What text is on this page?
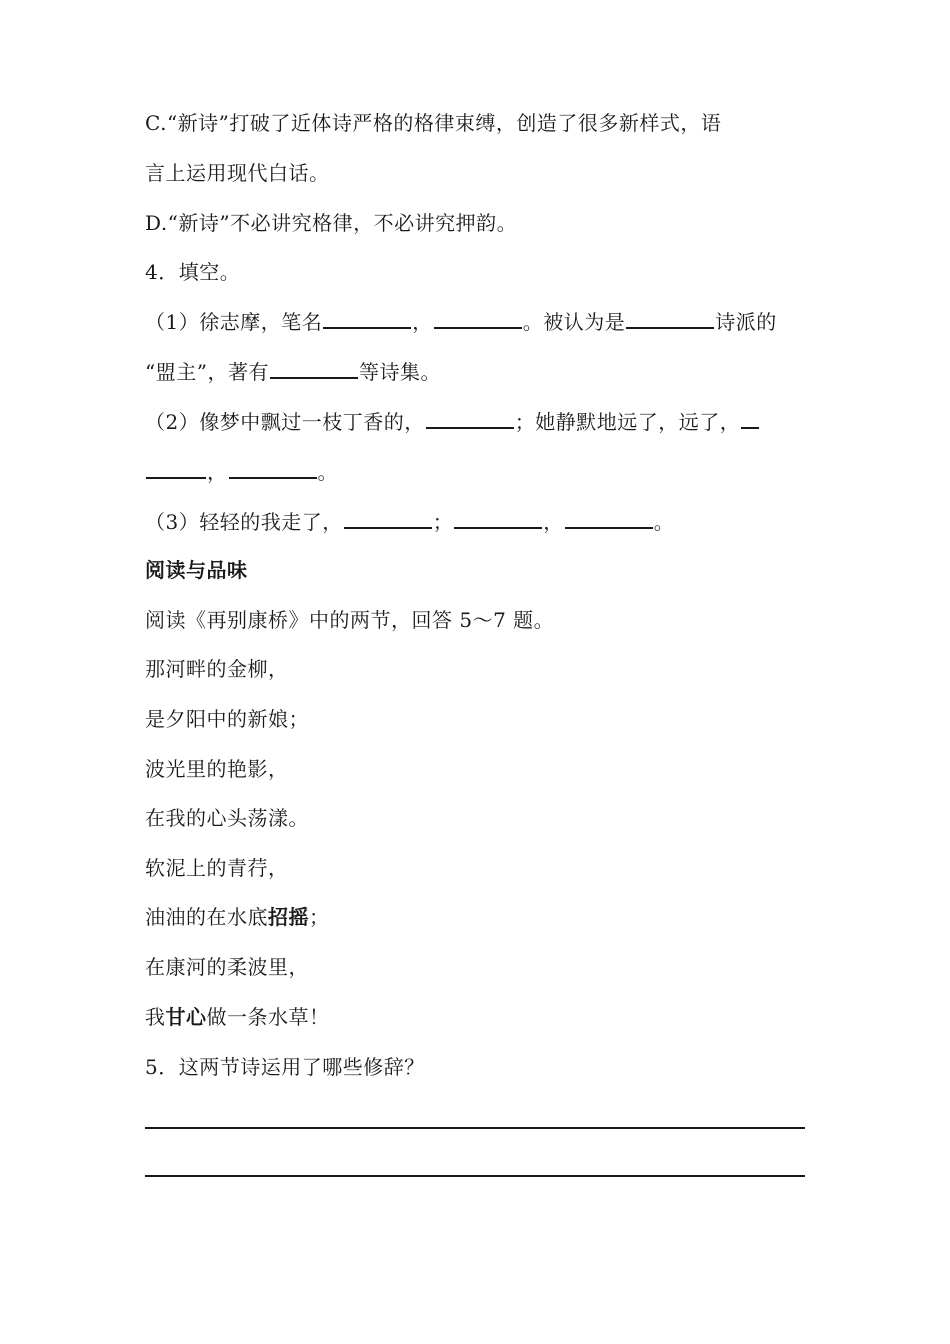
C.“新诗”打破了近体诗严格的格律束缚，创造了很多新样式，语
言上运用现代白话。
D.“新诗”不必讲究格律，不必讲究押韵。
4．填空。
（1）徐志摩，笔名	，	。被认为是	诗派的
“盟主”，著有	等诗集。
（2）像梦中飘过一枝丁香的，	；她静默地远了，远了，
，	。
（3）轻轻的我走了，	；	，	。
阅读与品味
阅读《再别康桥》中的两节，回答 5～7 题。
那河畔的金柳，
是夕阳中的新娘；
波光里的艳影，
在我的心头荡漾。
软泥上的青荇，
油油的在水底招摇；
在康河的柔波里，
我甘心做一条水草！
5．这两节诗运用了哪些修辞？
